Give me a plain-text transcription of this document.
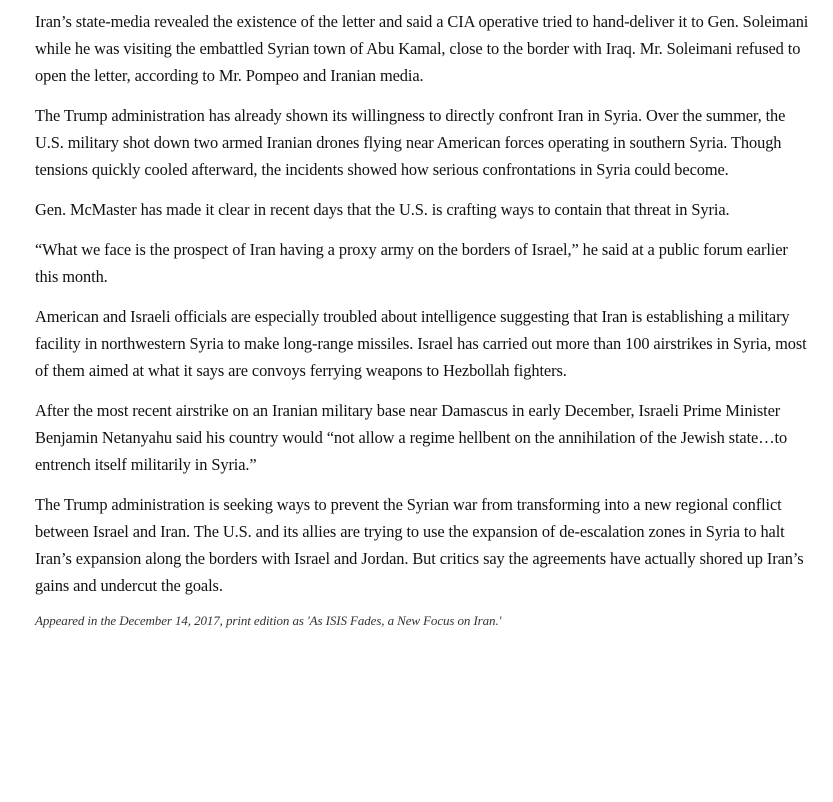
Iran’s state-media revealed the existence of the letter and said a CIA operative tried to hand-deliver it to Gen. Soleimani while he was visiting the embattled Syrian town of Abu Kamal, close to the border with Iraq. Mr. Soleimani refused to open the letter, according to Mr. Pompeo and Iranian media.

The Trump administration has already shown its willingness to directly confront Iran in Syria. Over the summer, the U.S. military shot down two armed Iranian drones flying near American forces operating in southern Syria. Though tensions quickly cooled afterward, the incidents showed how serious confrontations in Syria could become.

Gen. McMaster has made it clear in recent days that the U.S. is crafting ways to contain that threat in Syria.

“What we face is the prospect of Iran having a proxy army on the borders of Israel,” he said at a public forum earlier this month.

American and Israeli officials are especially troubled about intelligence suggesting that Iran is establishing a military facility in northwestern Syria to make long-range missiles. Israel has carried out more than 100 airstrikes in Syria, most of them aimed at what it says are convoys ferrying weapons to Hezbollah fighters.

After the most recent airstrike on an Iranian military base near Damascus in early December, Israeli Prime Minister Benjamin Netanyahu said his country would “not allow a regime hellbent on the annihilation of the Jewish state…to entrench itself militarily in Syria.”

The Trump administration is seeking ways to prevent the Syrian war from transforming into a new regional conflict between Israel and Iran. The U.S. and its allies are trying to use the expansion of de-escalation zones in Syria to halt Iran’s expansion along the borders with Israel and Jordan. But critics say the agreements have actually shored up Iran’s gains and undercut the goals.

Appeared in the December 14, 2017, print edition as 'As ISIS Fades, a New Focus on Iran.'
